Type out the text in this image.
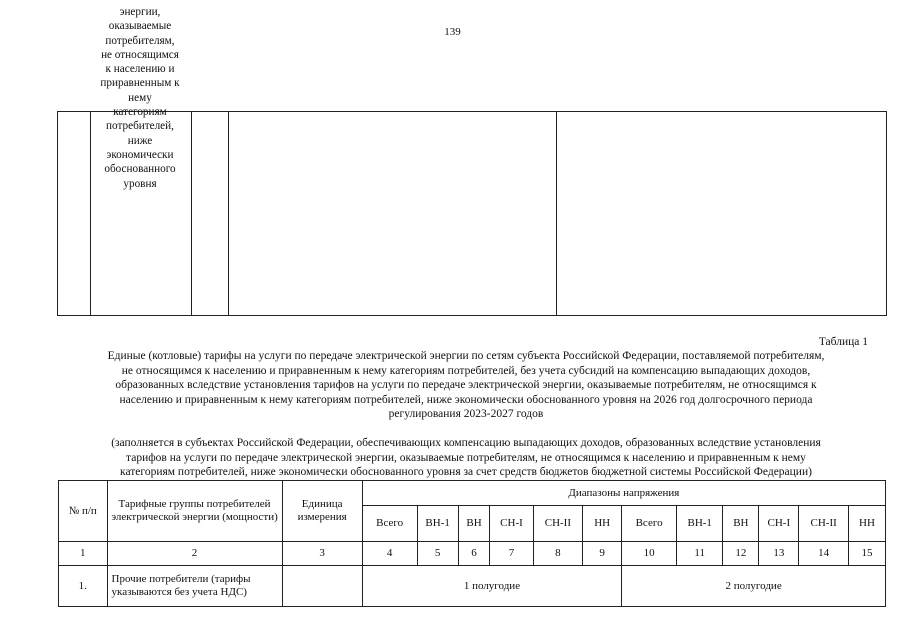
139
энергии,
оказываемые
потребителям,
не относящимся
к населению и
приравненным к
нему
категориям
потребителей,
ниже
экономически
обоснованного
уровня
Таблица 1
Единые (котловые) тарифы на услуги по передаче электрической энергии по сетям субъекта Российской Федерации, поставляемой потребителям,
не относящимся к населению и приравненным к нему категориям потребителей, без учета субсидий на компенсацию выпадающих доходов,
образованных вследствие установления тарифов на услуги по передаче электрической энергии, оказываемые потребителям, не относящимся к
населению и приравненным к нему категориям потребителей, ниже экономически обоснованного уровня на 2026 год долгосрочного периода
регулирования 2023-2027 годов
(заполняется в субъектах Российской Федерации, обеспечивающих компенсацию выпадающих доходов, образованных вследствие установления
тарифов на услуги по передаче электрической энергии, оказываемые потребителям, не относящимся к населению и приравненным к нему
категориям потребителей, ниже экономически обоснованного уровня за счет средств бюджетов бюджетной системы Российской Федерации)
№ п/п	Тарифные группы потребителей электрической энергии (мощности)	Единица измерения	Диапазоны напряжения											
			Всего	ВН-1	ВН	СН-I	СН-II	НН	Всего	ВН-1	ВН	СН-I	СН-II	НН
1	2	3	4	5	6	7	8	9	10	11	12	13	14	15
1.	Прочие потребители (тарифы указываются без учета НДС)		1 полугодие						2 полугодие					
